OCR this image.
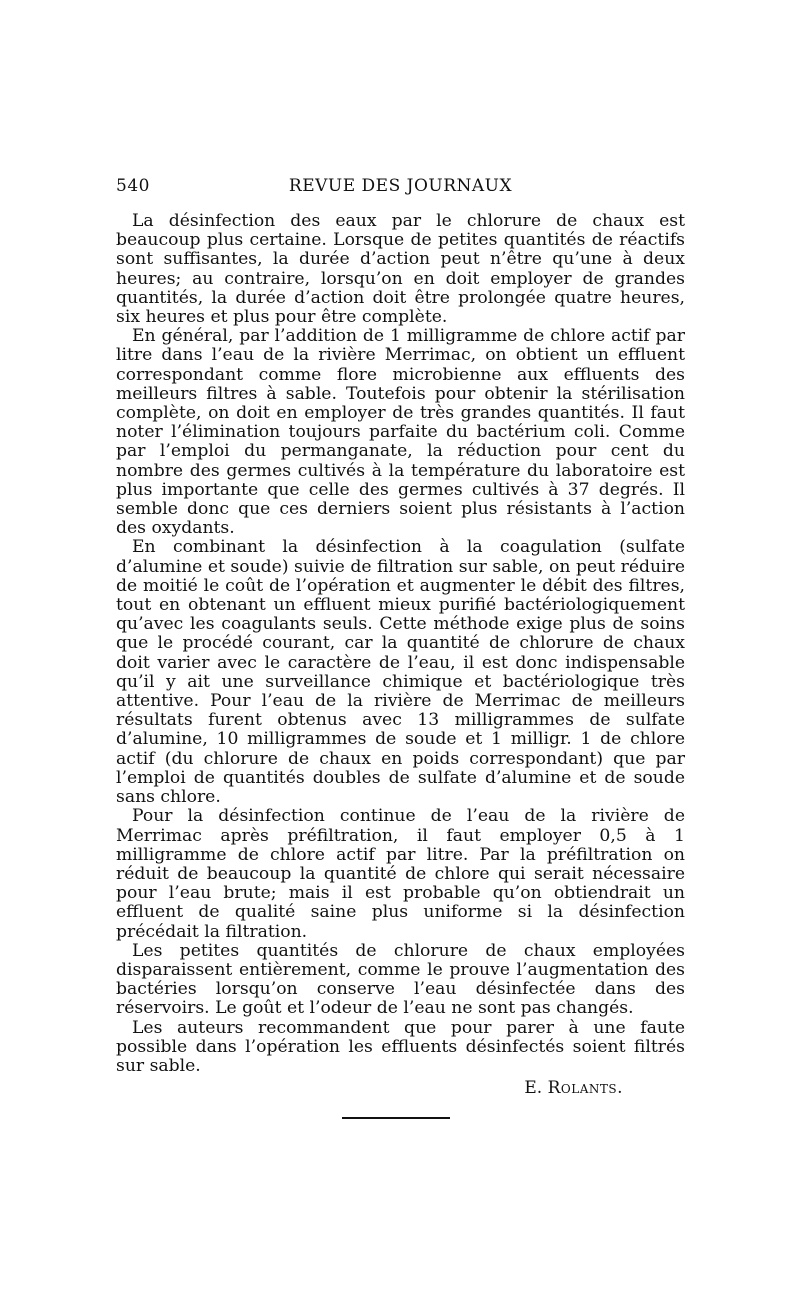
540	REVUE DES JOURNAUX

La désinfection des eaux par le chlorure de chaux est beaucoup plus certaine. Lorsque de petites quantités de réactifs sont suffisantes, la durée d’action peut n’être qu’une à deux heures; au contraire, lorsqu’on en doit employer de grandes quantités, la durée d’action doit être prolongée quatre heures, six heures et plus pour être complète.

En général, par l’addition de 1 milligramme de chlore actif par litre dans l’eau de la rivière Merrimac, on obtient un effluent correspondant comme flore microbienne aux effluents des meilleurs filtres à sable. Toutefois pour obtenir la stérilisation complète, on doit en employer de très grandes quantités. Il faut noter l’élimination toujours parfaite du bactérium coli. Comme par l’emploi du permanganate, la réduction pour cent du nombre des germes cultivés à la température du laboratoire est plus importante que celle des germes cultivés à 37 degrés. Il semble donc que ces derniers soient plus résistants à l’action des oxydants.

En combinant la désinfection à la coagulation (sulfate d’alumine et soude) suivie de filtration sur sable, on peut réduire de moitié le coût de l’opération et augmenter le débit des filtres, tout en obtenant un effluent mieux purifié bactériologiquement qu’avec les coagulants seuls. Cette méthode exige plus de soins que le procédé courant, car la quantité de chlorure de chaux doit varier avec le caractère de l’eau, il est donc indispensable qu’il y ait une surveillance chimique et bactériologique très attentive. Pour l’eau de la rivière de Merrimac de meilleurs résultats furent obtenus avec 13 milligrammes de sulfate d’alumine, 10 milligrammes de soude et 1 milligr. 1 de chlore actif (du chlorure de chaux en poids correspondant) que par l’emploi de quantités doubles de sulfate d’alumine et de soude sans chlore.

Pour la désinfection continue de l’eau de la rivière de Merrimac après préfiltration, il faut employer 0,5 à 1 milligramme de chlore actif par litre. Par la préfiltration on réduit de beaucoup la quantité de chlore qui serait nécessaire pour l’eau brute; mais il est probable qu’on obtiendrait un effluent de qualité saine plus uniforme si la désinfection précédait la filtration.

Les petites quantités de chlorure de chaux employées disparaissent entièrement, comme le prouve l’augmentation des bactéries lorsqu’on conserve l’eau désinfectée dans des réservoirs. Le goût et l’odeur de l’eau ne sont pas changés.

Les auteurs recommandent que pour parer à une faute possible dans l’opération les effluents désinfectés soient filtrés sur sable.

E. Rolants.
